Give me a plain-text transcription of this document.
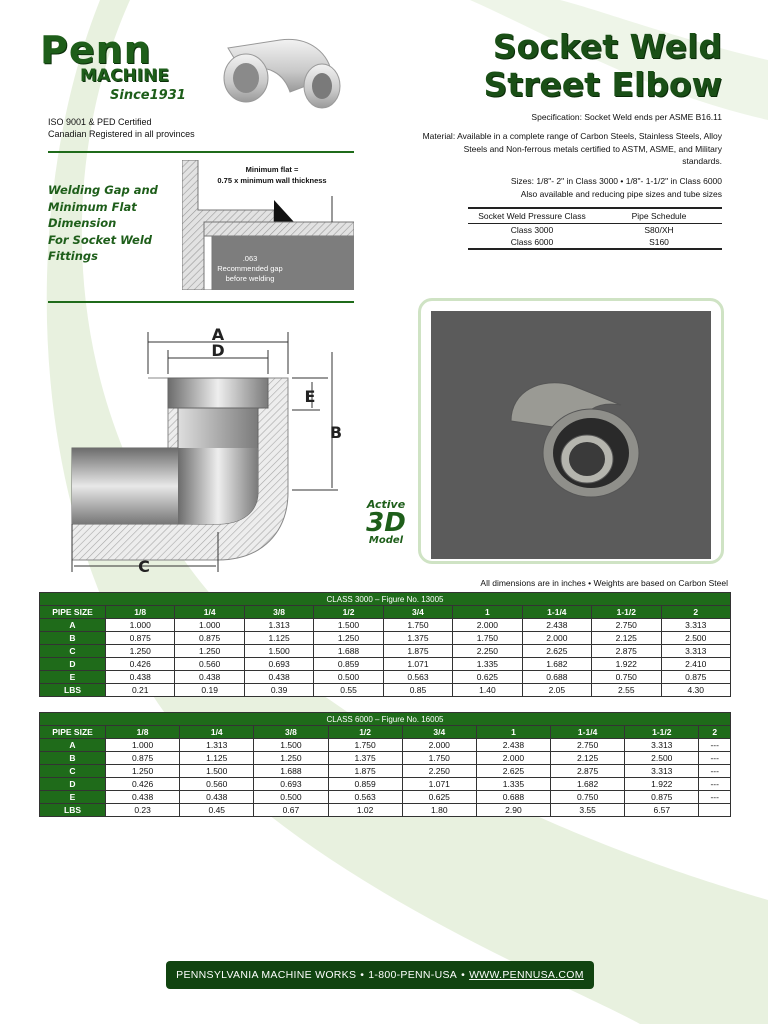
Penn
MACHINE
Since1931
ISO 9001 & PED Certified
Canadian Registered in all provinces
Socket Weld
Street Elbow
Specification: Socket Weld ends per ASME B16.11
Material: Available in a complete range of Carbon Steels, Stainless Steels, Alloy Steels and Non-ferrous metals certified to ASTM, ASME, and Military standards.
Sizes: 1/8"- 2" in Class 3000 • 1/8"- 1-1/2" in Class 6000
Also available and reducing pipe sizes and tube sizes
Socket Weld Pressure Class	Pipe Schedule
Class 3000	S80/XH
Class 6000	S160
Welding Gap and
Minimum Flat
Dimension
For Socket Weld
Fittings
Minimum flat =
0.75 x minimum wall thickness
.063
Recommended gap
before welding
A
D
E
B
C
Active
3D
Model
All dimensions are in inches • Weights are based on Carbon Steel
CLASS 3000 – Figure No. 13005									
PIPE SIZE	1/8	1/4	3/8	1/2	3/4	1	1-1/4	1-1/2	2
A	1.000	1.000	1.313	1.500	1.750	2.000	2.438	2.750	3.313
B	0.875	0.875	1.125	1.250	1.375	1.750	2.000	2.125	2.500
C	1.250	1.250	1.500	1.688	1.875	2.250	2.625	2.875	3.313
D	0.426	0.560	0.693	0.859	1.071	1.335	1.682	1.922	2.410
E	0.438	0.438	0.438	0.500	0.563	0.625	0.688	0.750	0.875
LBS	0.21	0.19	0.39	0.55	0.85	1.40	2.05	2.55	4.30
CLASS 6000 – Figure No. 16005									
PIPE SIZE	1/8	1/4	3/8	1/2	3/4	1	1-1/4	1-1/2	2
A	1.000	1.313	1.500	1.750	2.000	2.438	2.750	3.313	---
B	0.875	1.125	1.250	1.375	1.750	2.000	2.125	2.500	---
C	1.250	1.500	1.688	1.875	2.250	2.625	2.875	3.313	---
D	0.426	0.560	0.693	0.859	1.071	1.335	1.682	1.922	---
E	0.438	0.438	0.500	0.563	0.625	0.688	0.750	0.875	---
LBS	0.23	0.45	0.67	1.02	1.80	2.90	3.55	6.57	
PENNSYLVANIA MACHINE WORKS • 1-800-PENN-USA • WWW.PENNUSA.COM
